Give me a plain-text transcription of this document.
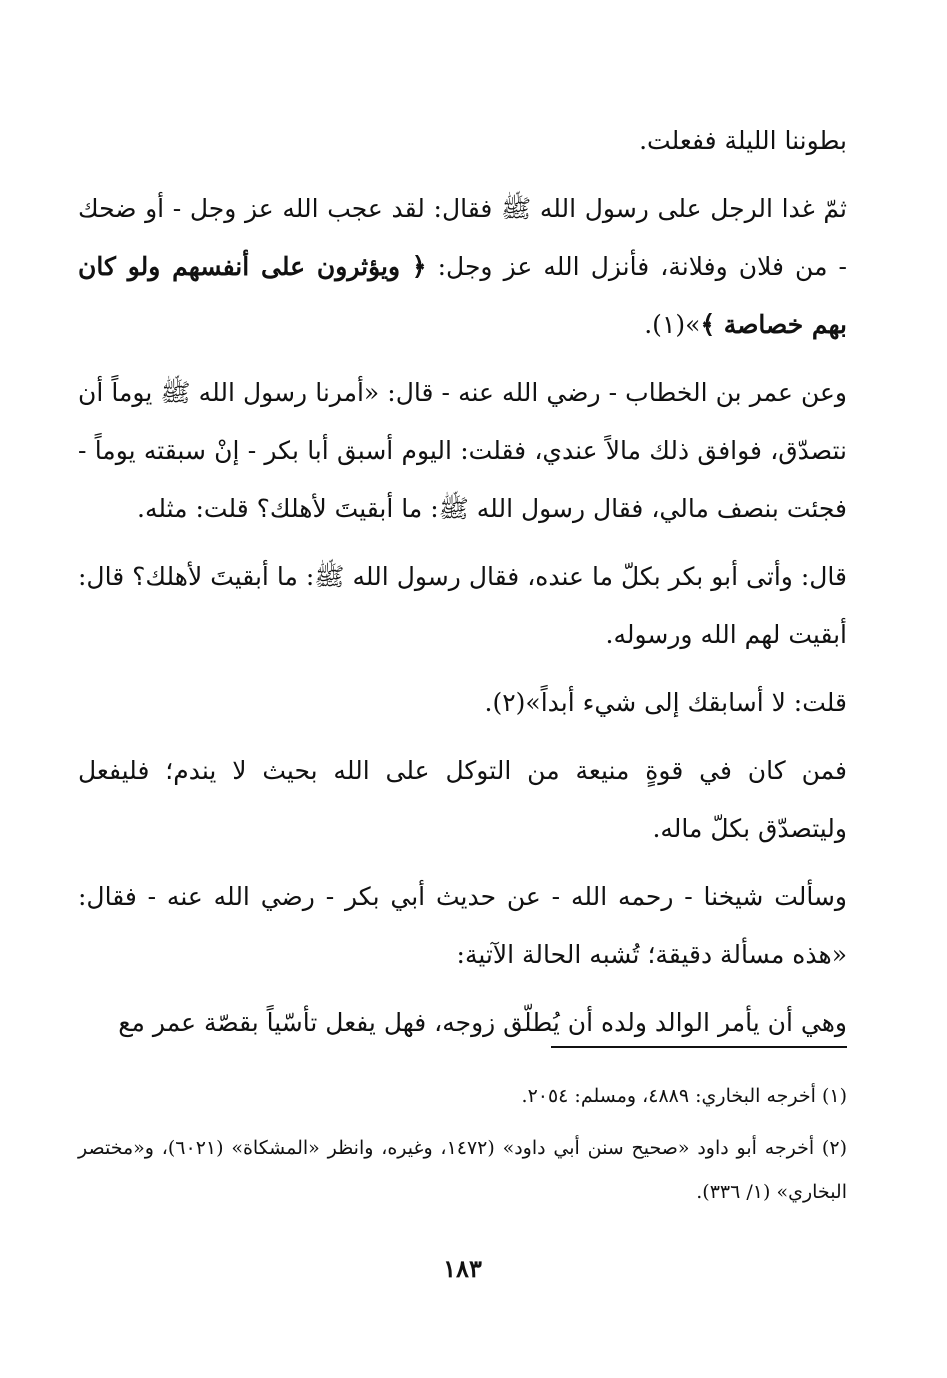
بطوننا الليلة ففعلت.

ثمّ غدا الرجل على رسول الله ﷺ فقال: لقد عجب الله عز وجل - أو ضحك - من فلان وفلانة، فأنزل الله عز وجل: ﴿ ويؤثرون على أنفسهم ولو كان بهم خصاصة ﴾»(١).

وعن عمر بن الخطاب - رضي الله عنه - قال: «أمرنا رسول الله ﷺ يوماً أن نتصدّق، فوافق ذلك مالاً عندي، فقلت: اليوم أسبق أبا بكر - إنْ سبقته يوماً - فجئت بنصف مالي، فقال رسول الله ﷺ: ما أبقيتَ لأهلك؟ قلت: مثله.

قال: وأتى أبو بكر بكلّ ما عنده، فقال رسول الله ﷺ: ما أبقيتَ لأهلك؟ قال: أبقيت لهم الله ورسوله.

قلت: لا أسابقك إلى شيء أبداً»(٢).

فمن كان في قوةٍ منيعة من التوكل على الله بحيث لا يندم؛ فليفعل وليتصدّق بكلّ ماله.

وسألت شيخنا - رحمه الله - عن حديث أبي بكر - رضي الله عنه - فقال: «هذه مسألة دقيقة؛ تُشبه الحالة الآتية:

وهي أن يأمر الوالد ولده أن يُطلّق زوجه، فهل يفعل تأسّياً بقصّة عمر مع

(١) أخرجه البخاري: ٤٨٨٩، ومسلم: ٢٠٥٤.

(٢) أخرجه أبو داود «صحيح سنن أبي داود» (١٤٧٢، وغيره، وانظر «المشكاة» (٦٠٢١)، و«مختصر البخاري» (١/ ٣٣٦).

١٨٣
